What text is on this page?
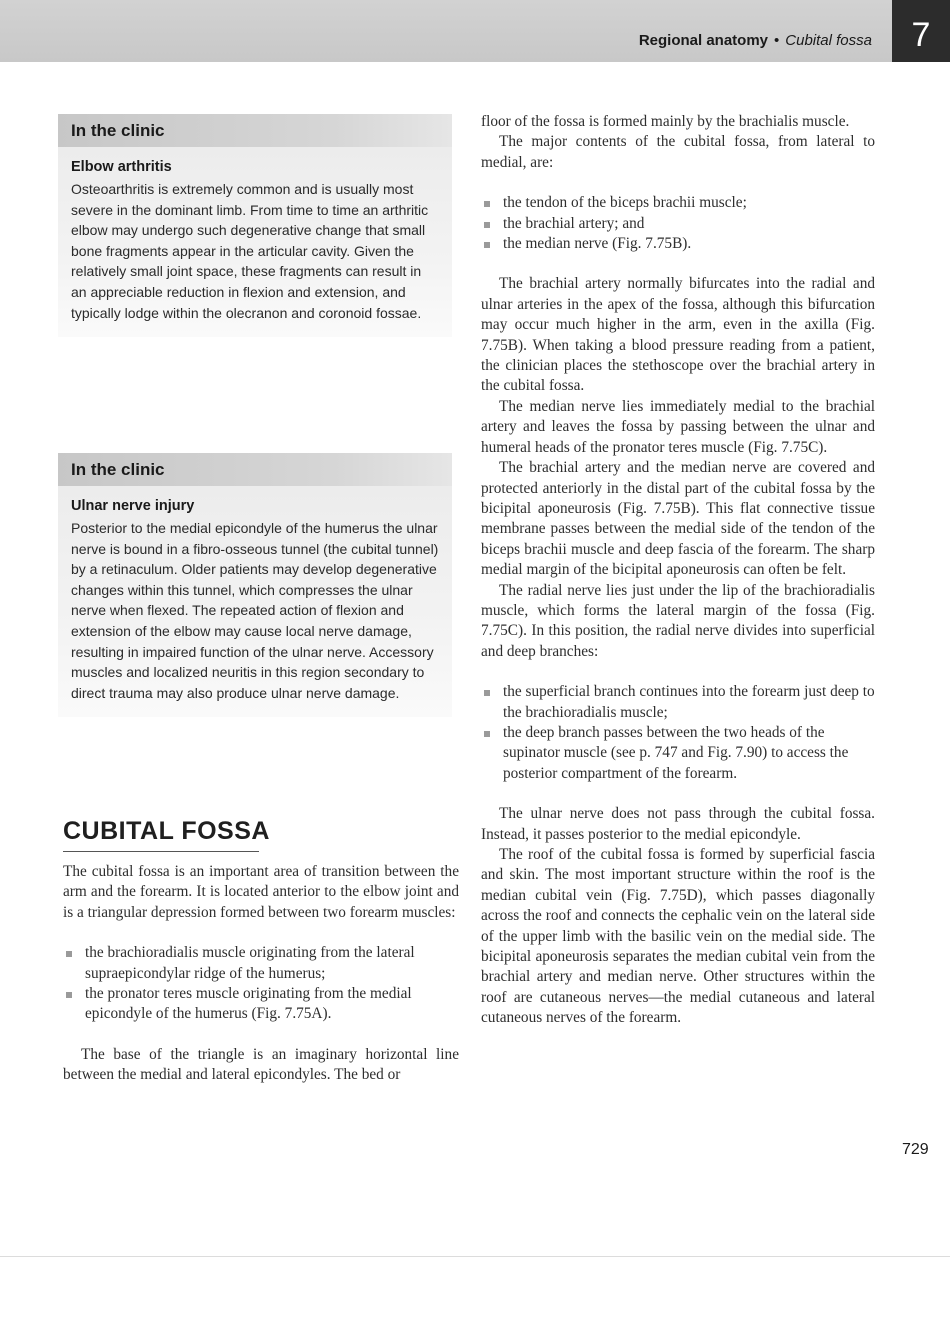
Regional anatomy • Cubital fossa	7
In the clinic

Elbow arthritis

Osteoarthritis is extremely common and is usually most severe in the dominant limb. From time to time an arthritic elbow may undergo such degenerative change that small bone fragments appear in the articular cavity. Given the relatively small joint space, these fragments can result in an appreciable reduction in flexion and extension, and typically lodge within the olecranon and coronoid fossae.

In the clinic

Ulnar nerve injury

Posterior to the medial epicondyle of the humerus the ulnar nerve is bound in a fibro-osseous tunnel (the cubital tunnel) by a retinaculum. Older patients may develop degenerative changes within this tunnel, which compresses the ulnar nerve when flexed. The repeated action of flexion and extension of the elbow may cause local nerve damage, resulting in impaired function of the ulnar nerve. Accessory muscles and localized neuritis in this region secondary to direct trauma may also produce ulnar nerve damage.

CUBITAL FOSSA

The cubital fossa is an important area of transition between the arm and the forearm. It is located anterior to the elbow joint and is a triangular depression formed between two forearm muscles:

the brachioradialis muscle originating from the lateral supraepicondylar ridge of the humerus;
the pronator teres muscle originating from the medial epicondyle of the humerus (Fig. 7.75A).

The base of the triangle is an imaginary horizontal line between the medial and lateral epicondyles. The bed or

floor of the fossa is formed mainly by the brachialis muscle.

The major contents of the cubital fossa, from lateral to medial, are:

the tendon of the biceps brachii muscle;
the brachial artery; and
the median nerve (Fig. 7.75B).

The brachial artery normally bifurcates into the radial and ulnar arteries in the apex of the fossa, although this bifurcation may occur much higher in the arm, even in the axilla (Fig. 7.75B). When taking a blood pressure reading from a patient, the clinician places the stethoscope over the brachial artery in the cubital fossa.

The median nerve lies immediately medial to the brachial artery and leaves the fossa by passing between the ulnar and humeral heads of the pronator teres muscle (Fig. 7.75C).

The brachial artery and the median nerve are covered and protected anteriorly in the distal part of the cubital fossa by the bicipital aponeurosis (Fig. 7.75B). This flat connective tissue membrane passes between the medial side of the tendon of the biceps brachii muscle and deep fascia of the forearm. The sharp medial margin of the bicipital aponeurosis can often be felt.

The radial nerve lies just under the lip of the brachioradialis muscle, which forms the lateral margin of the fossa (Fig. 7.75C). In this position, the radial nerve divides into superficial and deep branches:

the superficial branch continues into the forearm just deep to the brachioradialis muscle;
the deep branch passes between the two heads of the supinator muscle (see p. 747 and Fig. 7.90) to access the posterior compartment of the forearm.

The ulnar nerve does not pass through the cubital fossa. Instead, it passes posterior to the medial epicondyle.

The roof of the cubital fossa is formed by superficial fascia and skin. The most important structure within the roof is the median cubital vein (Fig. 7.75D), which passes diagonally across the roof and connects the cephalic vein on the lateral side of the upper limb with the basilic vein on the medial side. The bicipital aponeurosis separates the median cubital vein from the brachial artery and median nerve. Other structures within the roof are cutaneous nerves—the medial cutaneous and lateral cutaneous nerves of the forearm.

729
